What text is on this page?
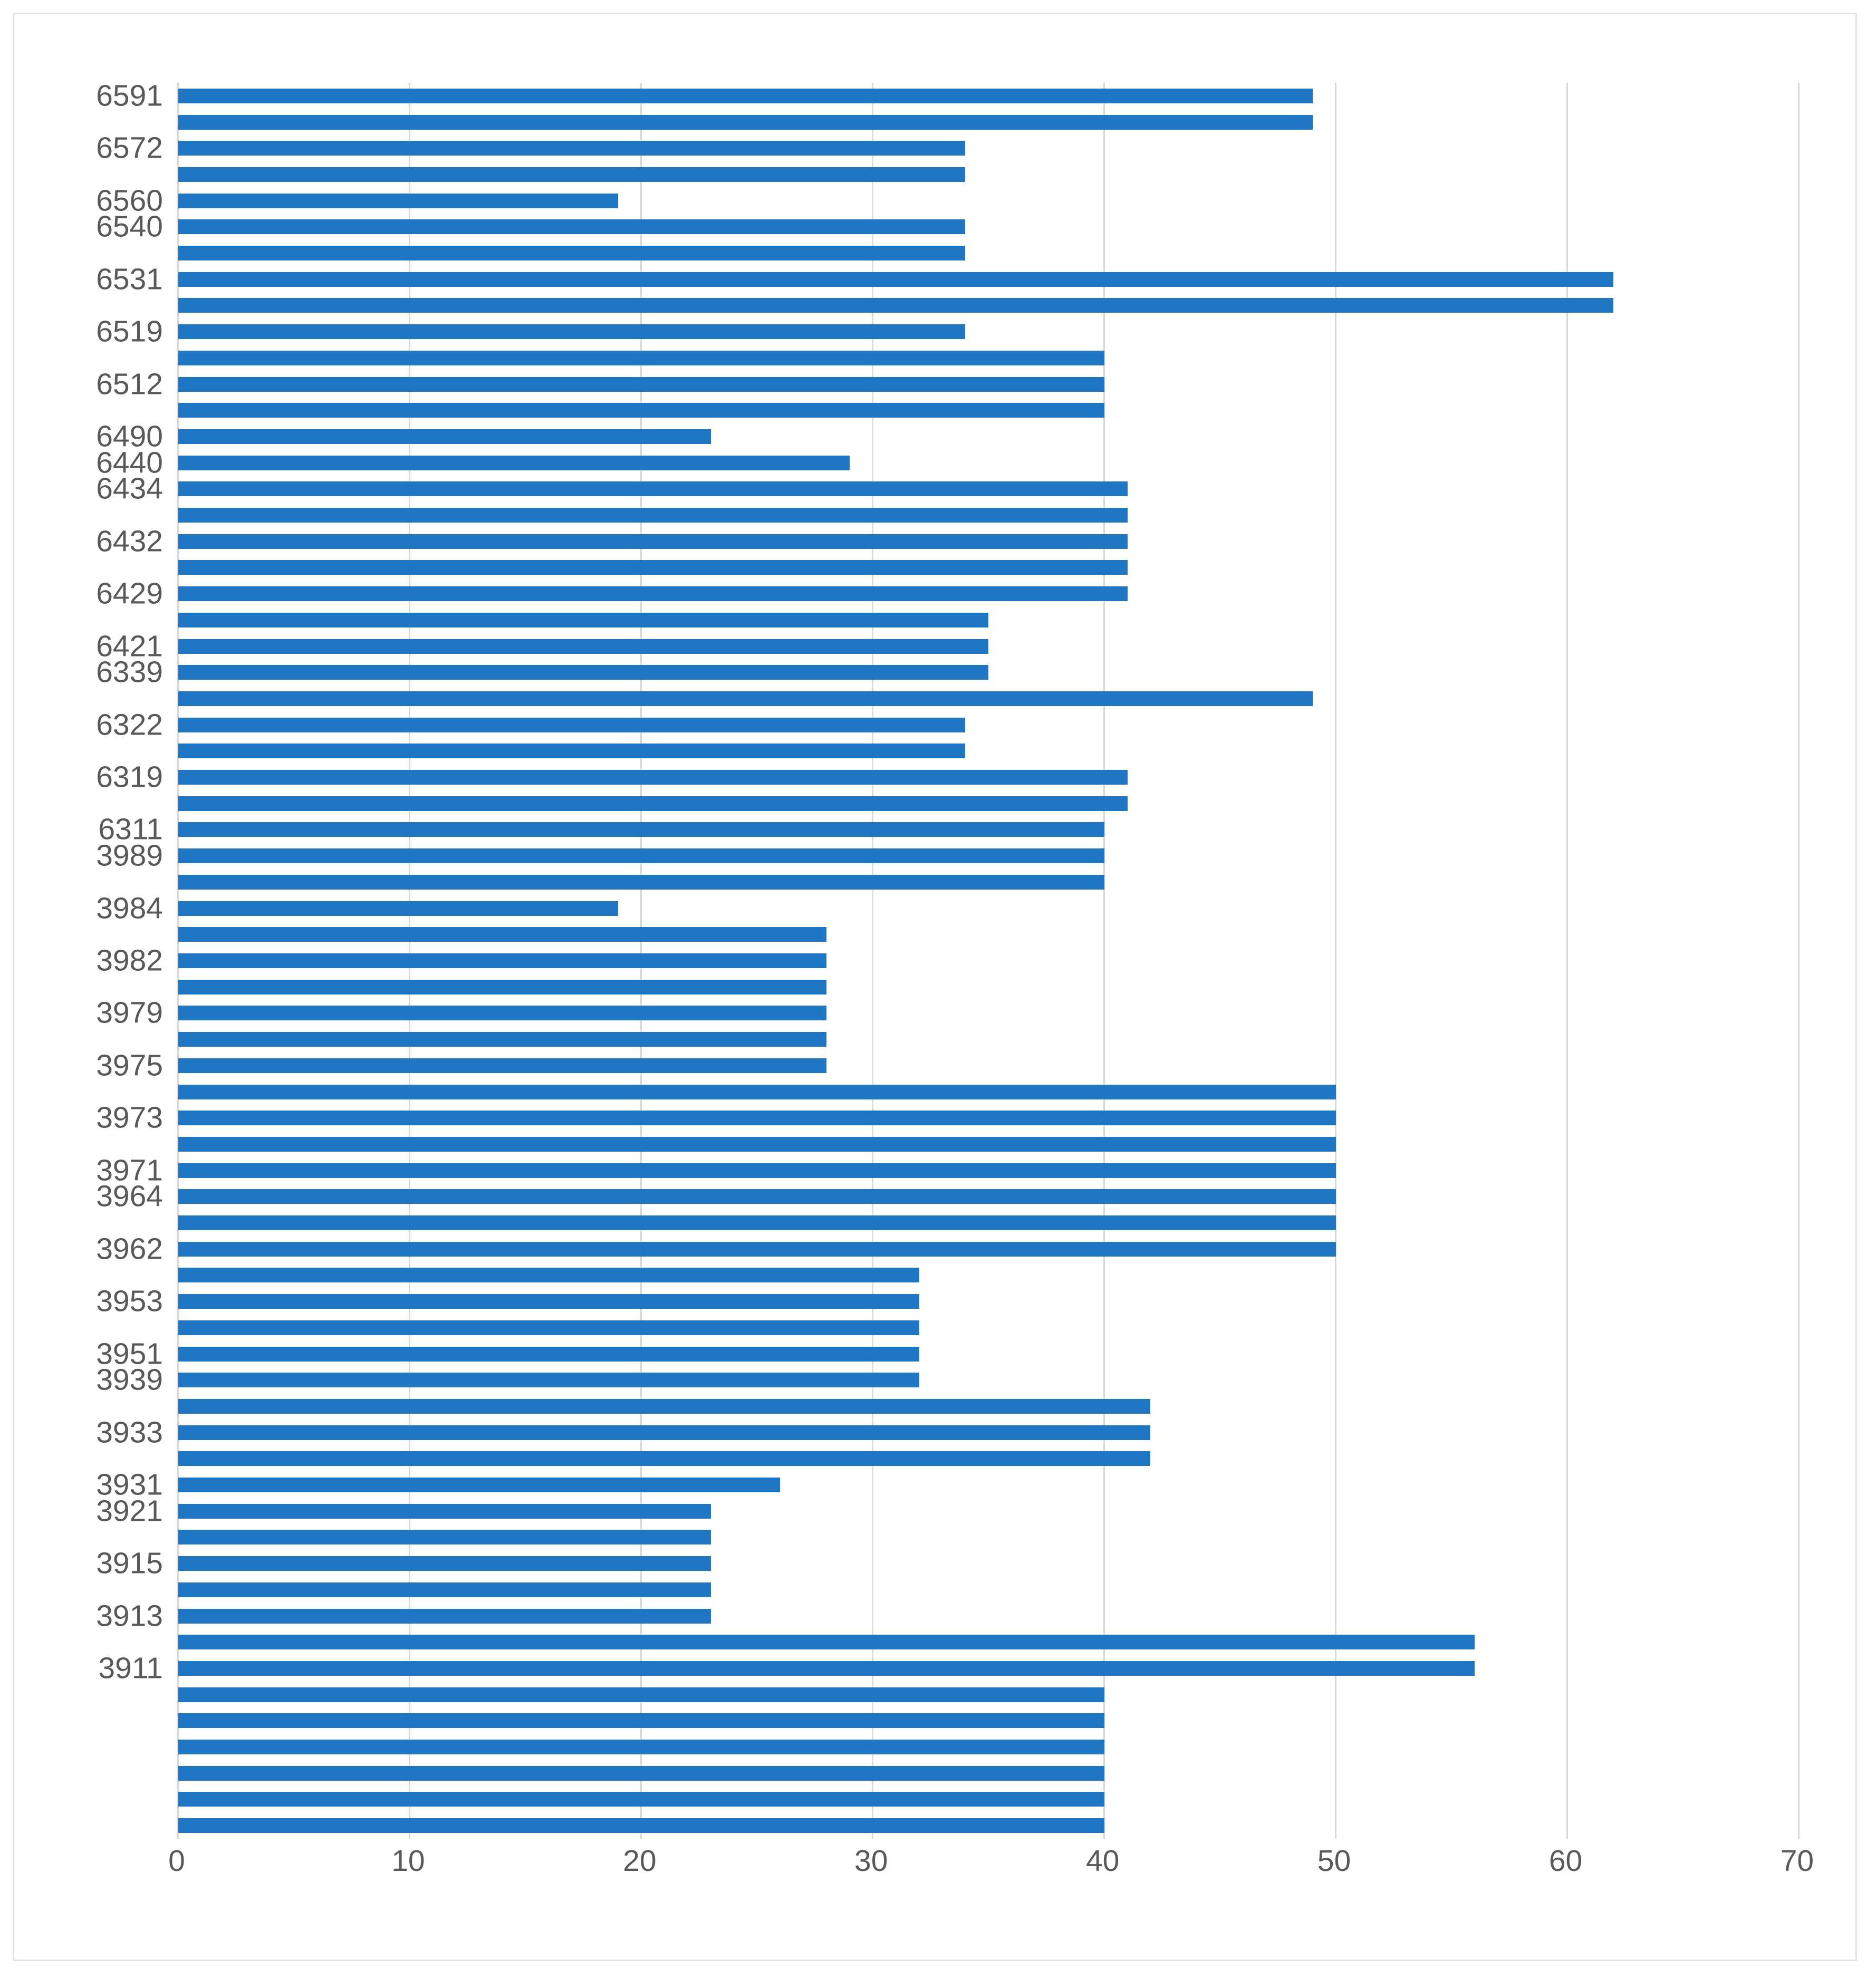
6591
6572
6560
6540
6531
6519
6512
6490
6440
6434
6432
6429
6421
6339
6322
6319
6311
3989
3984
3982
3979
3975
3973
3971
3964
3962
3953
3951
3939
3933
3931
3921
3915
3913
3911
0	10	20	30	40	50	60	70
